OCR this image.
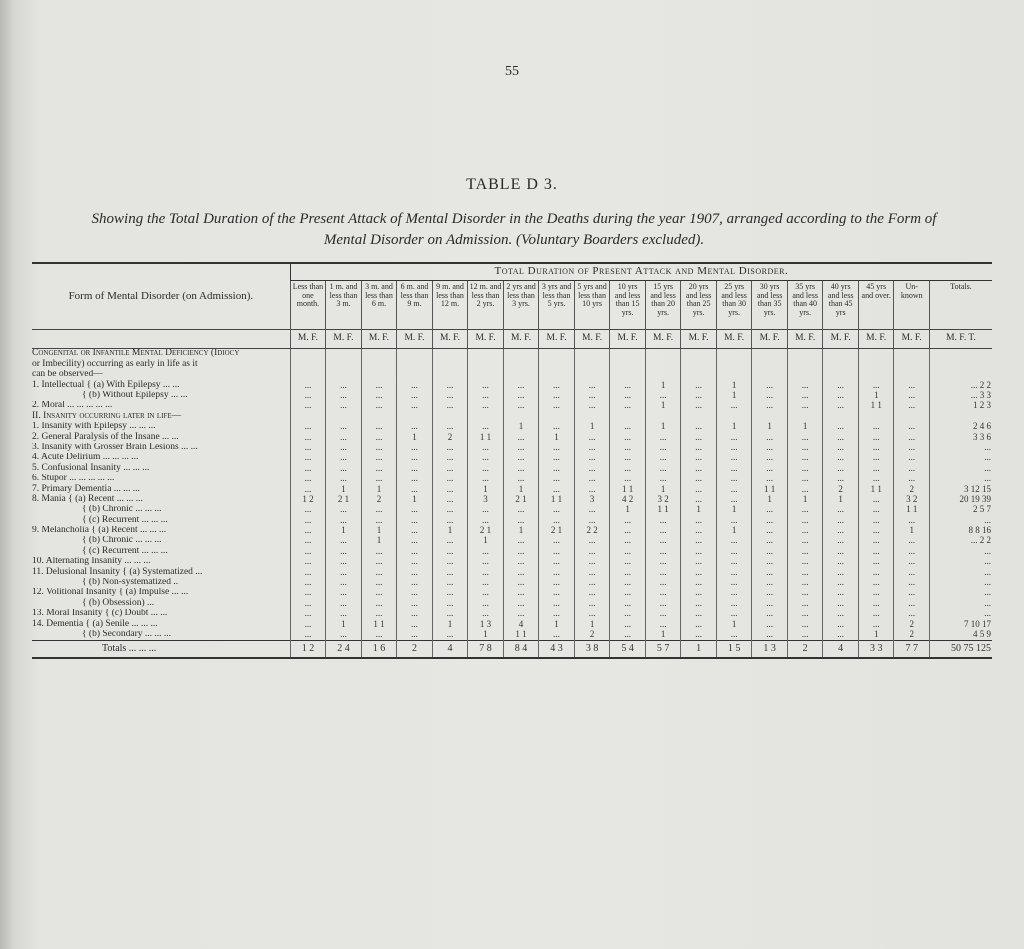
55
TABLE D 3.
Showing the Total Duration of the Present Attack of Mental Disorder in the Deaths during the year 1907, arranged according to the Form of
Mental Disorder on Admission. (Voluntary Boarders excluded).
Form of Mental Disorder (on Admission).	Total Duration of Present Attack and Mental Disorder.																		
	Less than one month.	1 m. and less than 3 m.	3 m. and less than 6 m.	6 m. and less than 9 m.	9 m. and less than 12 m.	12 m. and less than 2 yrs.	2 yrs and less than 3 yrs.	3 yrs and less than 5 yrs.	5 yrs and less than 10 yrs	10 yrs and less than 15 yrs.	15 yrs and less than 20 yrs.	20 yrs and less than 25 yrs.	25 yrs and less than 30 yrs.	30 yrs and less than 35 yrs.	35 yrs and less than 40 yrs.	40 yrs and less than 45 yrs	45 yrs and over.	Un-known	Totals.
	M. F.	M. F.	M. F.	M. F.	M. F.	M. F.	M. F.	M. F.	M. F.	M. F.	M. F.	M. F.	M. F.	M. F.	M. F.	M. F.	M. F.	M. F.	M. F. T.
Congenital or Infantile Mental Deficiency (Idiocy																			
or Imbecility) occurring as early in life as it																			
can be observed—																			
1. Intellectual { (a) With Epilepsy ... ...	...	...	...	...	...	...	...	...	...	...	1	...	1	...	...	...	...	...	... 2 2
{ (b) Without Epilepsy ... ...	...	...	...	...	...	...	...	...	...	...	...	...	1	...	...	...	1	...	... 3 3
2. Moral ... ... ... ... ...	...	...	...	...	...	...	...	...	...	...	1	...	...	...	...	...	1 1	...	1 2 3
II. Insanity occurring later in life—																			
1. Insanity with Epilepsy ... ... ...	...	...	...	...	...	...	1	...	1	...	1	...	1	1	1	...	...	...	2 4 6
2. General Paralysis of the Insane ... ...	...	...	...	1	2	1 1	...	1	...	...	...	...	...	...	...	...	...	...	3 3 6
3. Insanity with Grosser Brain Lesions ... ...	...	...	...	...	...	...	...	...	...	...	...	...	...	...	...	...	...	...	...
4. Acute Delirium ... ... ... ...	...	...	...	...	...	...	...	...	...	...	...	...	...	...	...	...	...	...	...
5. Confusional Insanity ... ... ...	...	...	...	...	...	...	...	...	...	...	...	...	...	...	...	...	...	...	...
6. Stupor ... ... ... ... ...	...	...	...	...	...	...	...	...	...	...	...	...	...	...	...	...	...	...	...
7. Primary Dementia ... ... ...	...	1	1	...	...	1	1	...	...	1 1	1	...	...	1 1	...	2	1 1	2	3 12 15
8. Mania { (a) Recent ... ... ...	1 2	2 1	2	1	...	3	2 1	1 1	3	4 2	3 2	...	...	1	1	1	...	3 2	20 19 39
{ (b) Chronic ... ... ...	...	...	...	...	...	...	...	...	...	1	1 1	1	1	...	...	...	...	1 1	2 5 7
{ (c) Recurrent ... ... ...	...	...	...	...	...	...	...	...	...	...	...	...	...	...	...	...	...	...	...
9. Melancholia { (a) Recent ... ... ...	...	1	1	...	1	2 1	1	2 1	2 2	...	...	...	1	...	...	...	...	1	8 8 16
{ (b) Chronic ... ... ...	...	...	1	...	...	1	...	...	...	...	...	...	...	...	...	...	...	...	... 2 2
{ (c) Recurrent ... ... ...	...	...	...	...	...	...	...	...	...	...	...	...	...	...	...	...	...	...	...
10. Alternating Insanity ... ... ...	...	...	...	...	...	...	...	...	...	...	...	...	...	...	...	...	...	...	...
11. Delusional Insanity { (a) Systematized ...	...	...	...	...	...	...	...	...	...	...	...	...	...	...	...	...	...	...	...
{ (b) Non-systematized ..	...	...	...	...	...	...	...	...	...	...	...	...	...	...	...	...	...	...	...
12. Volitional Insanity { (a) Impulse ... ...	...	...	...	...	...	...	...	...	...	...	...	...	...	...	...	...	...	...	...
{ (b) Obsession) ...	...	...	...	...	...	...	...	...	...	...	...	...	...	...	...	...	...	...	...
13. Moral Insanity { (c) Doubt ... ...	...	...	...	...	...	...	...	...	...	...	...	...	...	...	...	...	...	...	...
14. Dementia { (a) Senile ... ... ...	...	1	1 1	...	1	1 3	4	1	1	...	...	...	1	...	...	...	...	2	7 10 17
{ (b) Secondary ... ... ...	...	...	...	...	...	1	1 1	...	2	...	1	...	...	...	...	...	1	2	4 5 9
Totals ... ... ...	1 2	2 4	1 6	2	4	7 8	8 4	4 3	3 8	5 4	5 7	1	1 5	1 3	2	4	3 3	7 7	50 75 125
